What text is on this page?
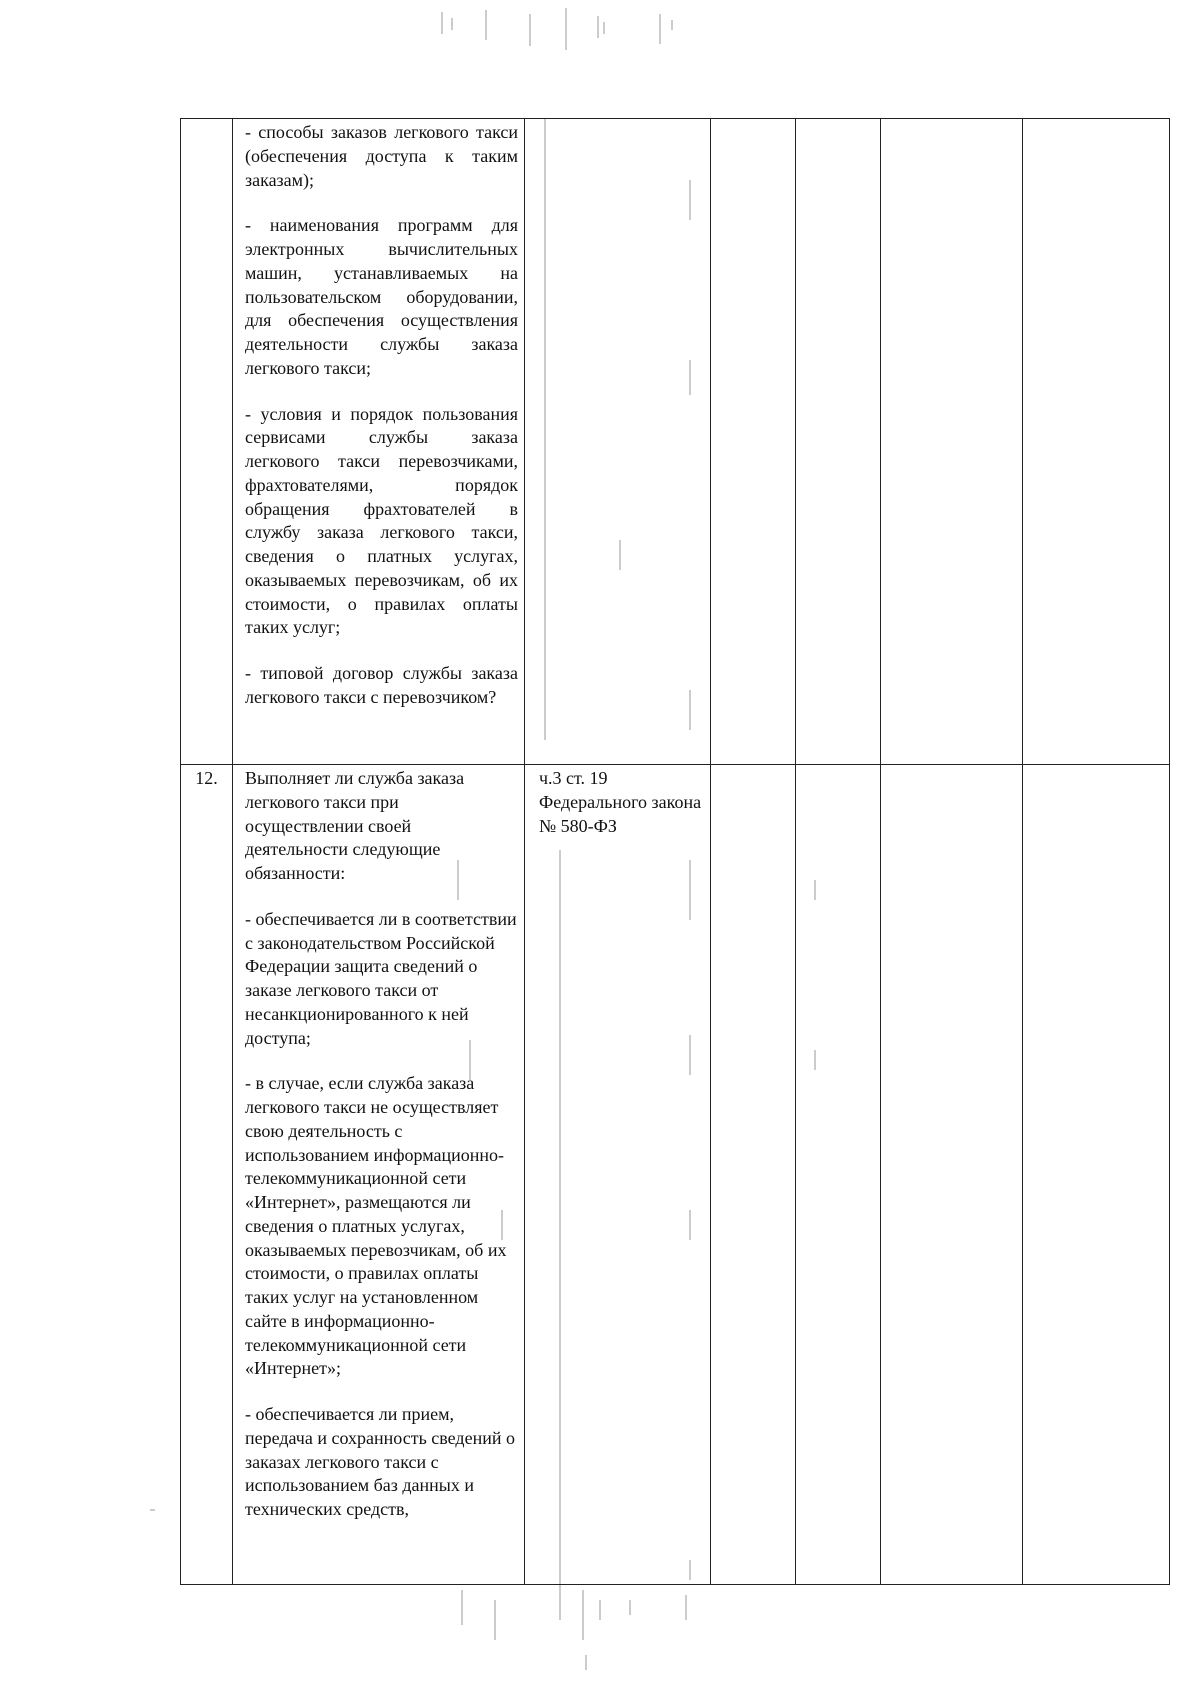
	- способы заказов легкового такси (обеспечения доступа к таким заказам);

- наименования программ для электронных вычислительных машин, устанавливаемых на пользовательском оборудовании, для обеспечения осуществления деятельности службы заказа легкового такси;

- условия и порядок пользования сервисами службы заказа легкового такси перевозчиками, фрахтователями, порядок обращения фрахтователей в службу заказа легкового такси, сведения о платных услугах, оказываемых перевозчикам, об их стоимости, о правилах оплаты таких услуг;

- типовой договор службы заказа легкового такси с перевозчиком?					

12.	Выполняет ли служба заказа легкового такси при осуществлении своей деятельности следующие обязанности:

- обеспечивается ли в соответствии с законодательством Российской Федерации защита сведений о заказе легкового такси от несанкционированного к ней доступа;

- в случае, если служба заказа легкового такси не осуществляет свою деятельность с использованием информационно-телекоммуникационной сети «Интернет», размещаются ли сведения о платных услугах, оказываемых перевозчикам, об их стоимости, о правилах оплаты таких услуг на установленном сайте в информационно-телекоммуникационной сети «Интернет»;

- обеспечивается ли прием, передача и сохранность сведений о заказах легкового такси с использованием баз данных и технических средств,	ч.3 ст. 19 Федерального закона № 580-ФЗ				
